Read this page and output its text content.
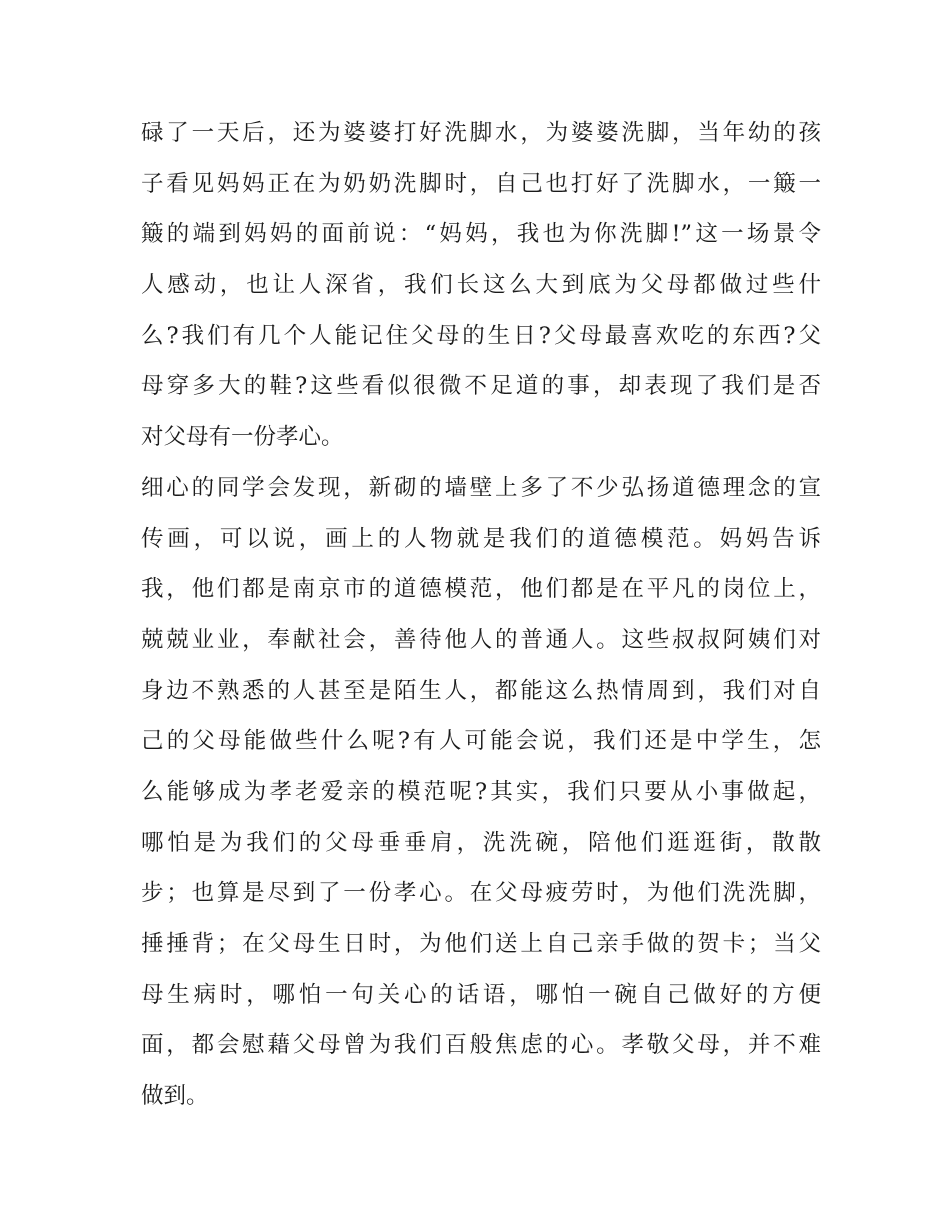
碌了一天后，还为婆婆打好洗脚水，为婆婆洗脚，当年幼的孩
子看见妈妈正在为奶奶洗脚时，自己也打好了洗脚水，一簸一
簸的端到妈妈的面前说：“妈妈，我也为你洗脚!”这一场景令
人感动，也让人深省，我们长这么大到底为父母都做过些什
么?我们有几个人能记住父母的生日?父母最喜欢吃的东西?父
母穿多大的鞋?这些看似很微不足道的事，却表现了我们是否
对父母有一份孝心。
细心的同学会发现，新砌的墙壁上多了不少弘扬道德理念的宣
传画，可以说，画上的人物就是我们的道德模范。妈妈告诉
我，他们都是南京市的道德模范，他们都是在平凡的岗位上，
兢兢业业，奉献社会，善待他人的普通人。这些叔叔阿姨们对
身边不熟悉的人甚至是陌生人，都能这么热情周到，我们对自
己的父母能做些什么呢?有人可能会说，我们还是中学生，怎
么能够成为孝老爱亲的模范呢?其实，我们只要从小事做起，
哪怕是为我们的父母垂垂肩，洗洗碗，陪他们逛逛街，散散
步；也算是尽到了一份孝心。在父母疲劳时，为他们洗洗脚，
捶捶背；在父母生日时，为他们送上自己亲手做的贺卡；当父
母生病时，哪怕一句关心的话语，哪怕一碗自己做好的方便
面，都会慰藉父母曾为我们百般焦虑的心。孝敬父母，并不难
做到。
